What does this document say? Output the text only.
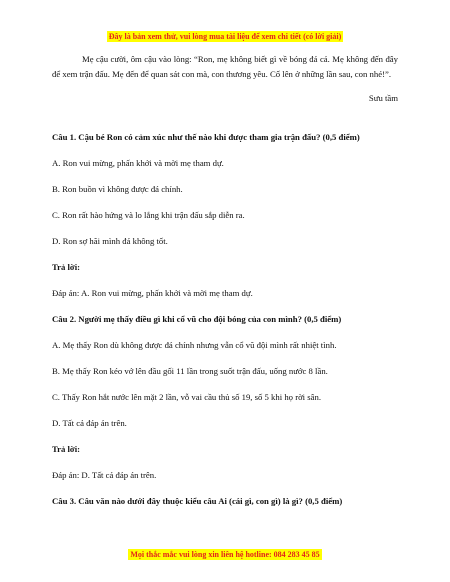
Đây là bản xem thử, vui lòng mua tài liệu để xem chi tiết (có lời giải)

Mẹ cậu cười, ôm cậu vào lòng: “Ron, mẹ không biết gì về bóng đá cả. Mẹ không đến đây để xem trận đấu. Mẹ đến để quan sát con mà, con thương yêu. Cố lên ở những lần sau, con nhé!”.

Sưu tầm

Câu 1. Cậu bé Ron có cảm xúc như thế nào khi được tham gia trận đấu? (0,5 điểm)

A. Ron vui mừng, phấn khởi và mời mẹ tham dự.

B. Ron buồn vì không được đá chính.

C. Ron rất hào hứng và lo lắng khi trận đấu sắp diễn ra.

D. Ron sợ hãi mình đá không tốt.

Trả lời:

Đáp án: A. Ron vui mừng, phấn khởi và mời mẹ tham dự.

Câu 2. Người mẹ thấy điều gì khi cổ vũ cho đội bóng của con mình? (0,5 điểm)

A. Mẹ thấy Ron dù không được đá chính nhưng vẫn cổ vũ đội mình rất nhiệt tình.

B. Mẹ thấy Ron kéo vớ lên đầu gối 11 lần trong suốt trận đấu, uống nước 8 lần.

C. Thấy Ron hắt nước lên mặt 2 lần, vỗ vai cầu thủ số 19, số 5 khi họ rời sân.

D. Tất cả đáp án trên.

Trả lời:

Đáp án: D. Tất cả đáp án trên.

Câu 3. Câu văn nào dưới đây thuộc kiểu câu Ai (cái gì, con gì) là gì? (0,5 điểm)

Mọi thắc mắc vui lòng xin liên hệ hotline: 084 283 45 85
